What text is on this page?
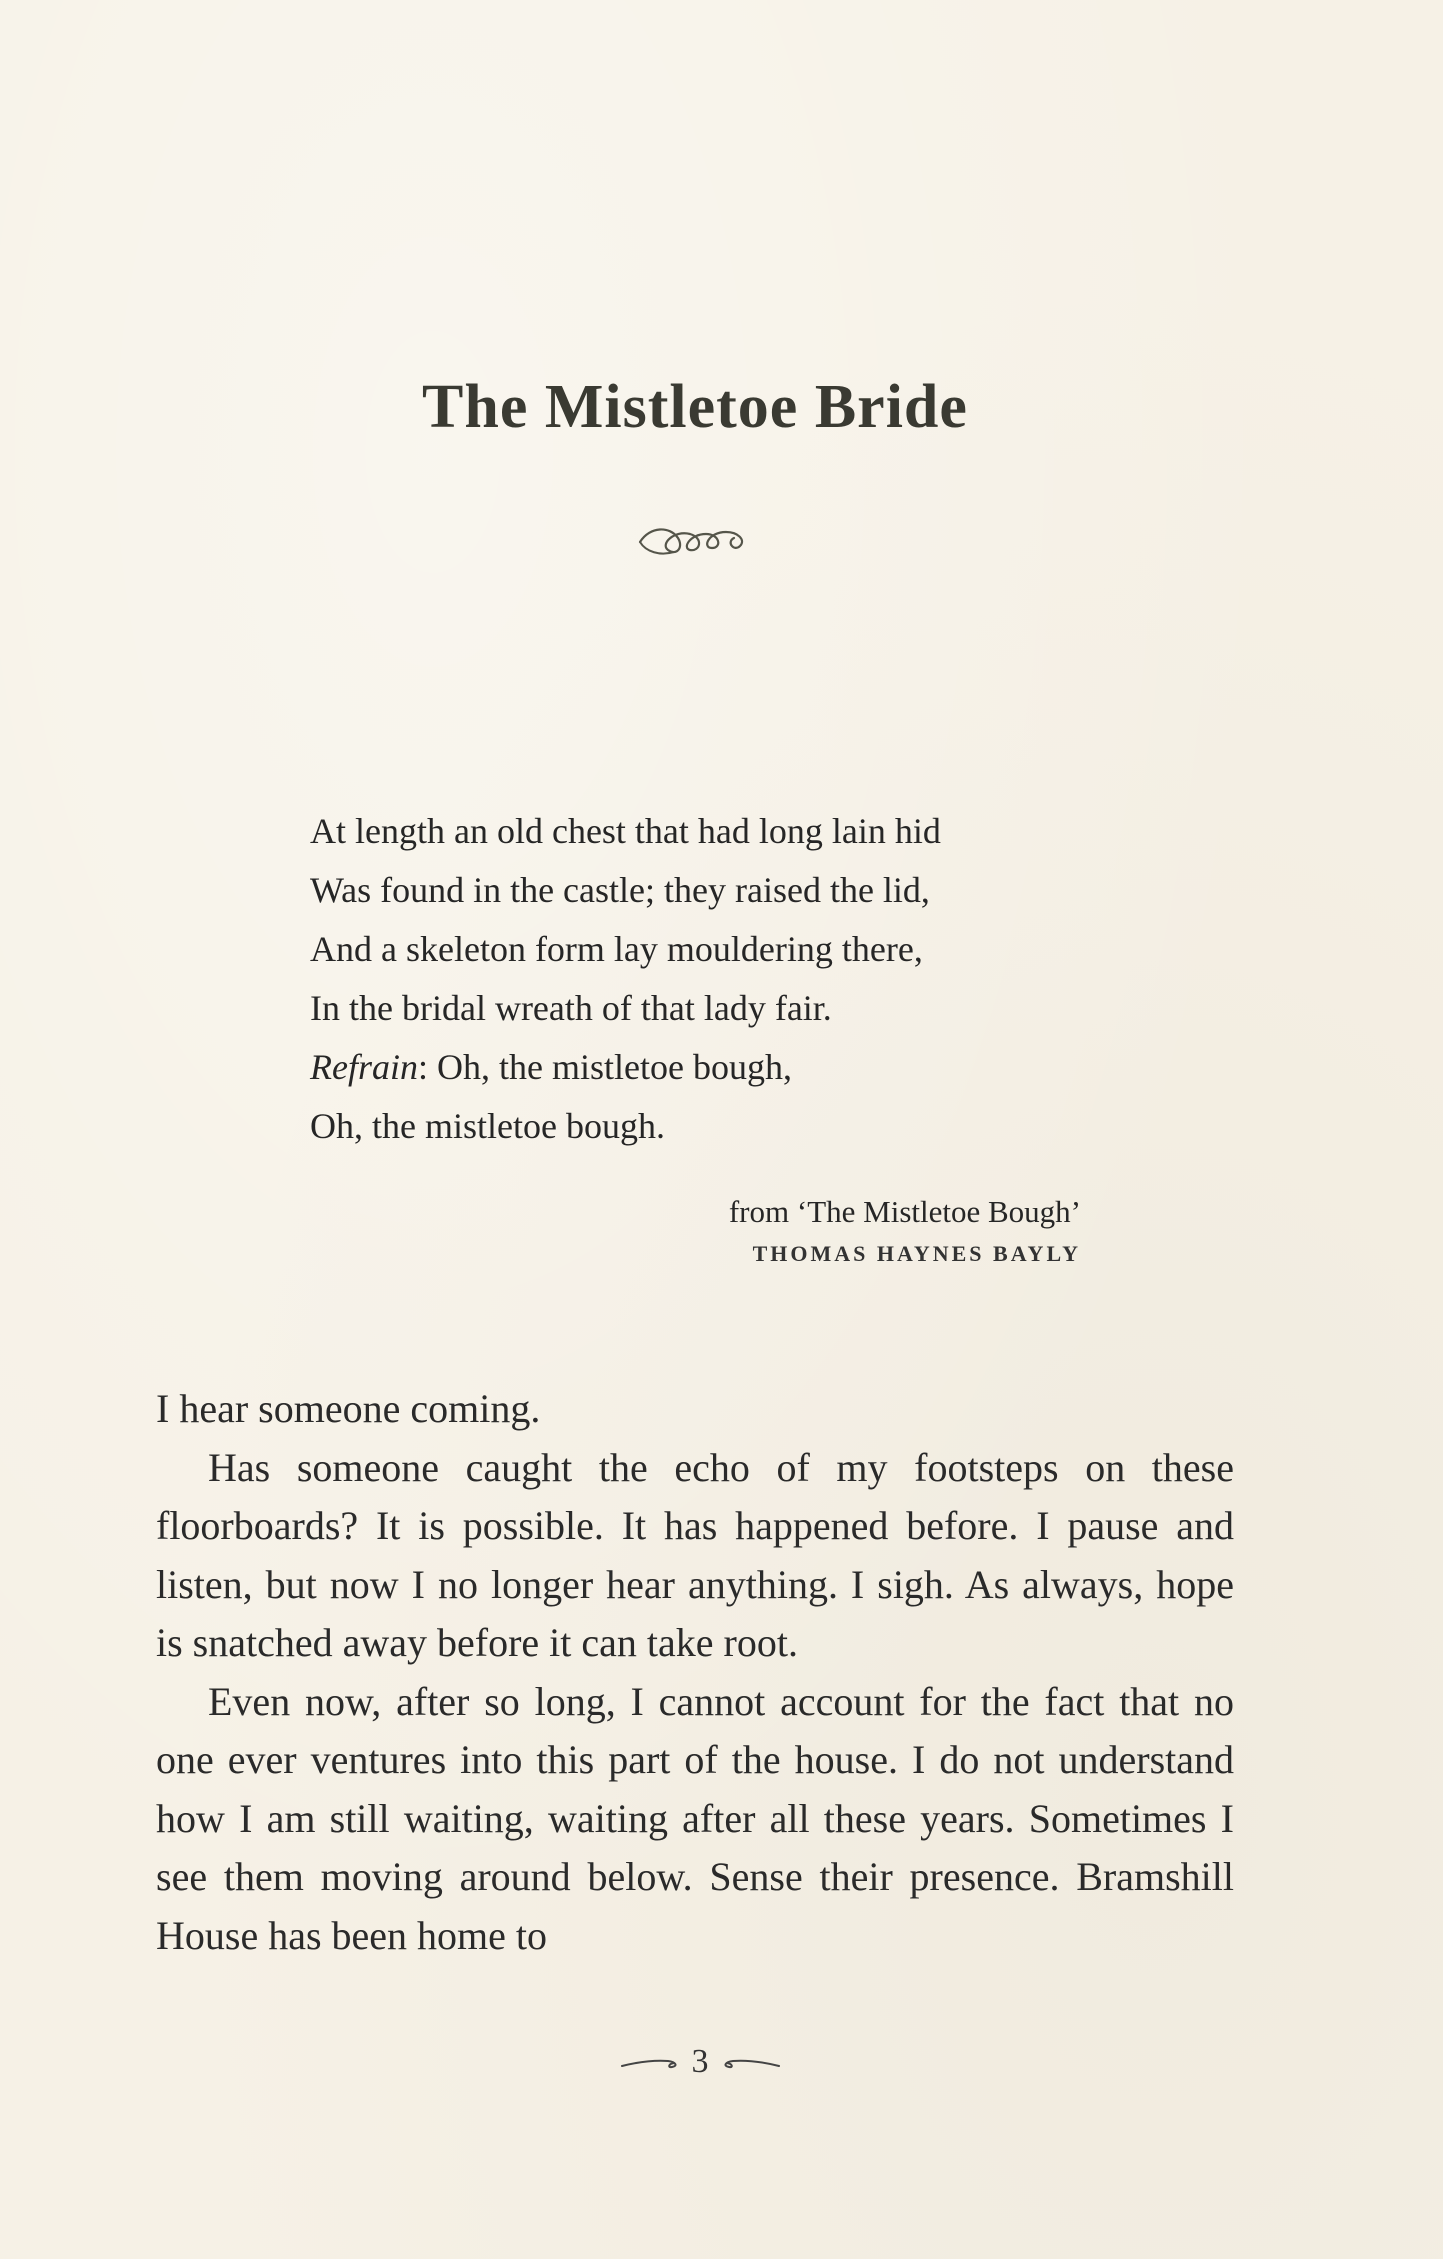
The Mistletoe Bride
At length an old chest that had long lain hid
Was found in the castle; they raised the lid,
And a skeleton form lay mouldering there,
In the bridal wreath of that lady fair.
Refrain: Oh, the mistletoe bough,
Oh, the mistletoe bough.
from ‘The Mistletoe Bough’
THOMAS HAYNES BAYLY

I hear someone coming.

Has someone caught the echo of my footsteps on these floorboards? It is possible. It has happened before. I pause and listen, but now I no longer hear anything. I sigh. As always, hope is snatched away before it can take root.

Even now, after so long, I cannot account for the fact that no one ever ventures into this part of the house. I do not understand how I am still waiting, waiting after all these years. Sometimes I see them moving around below. Sense their presence. Bramshill House has been home to

3
